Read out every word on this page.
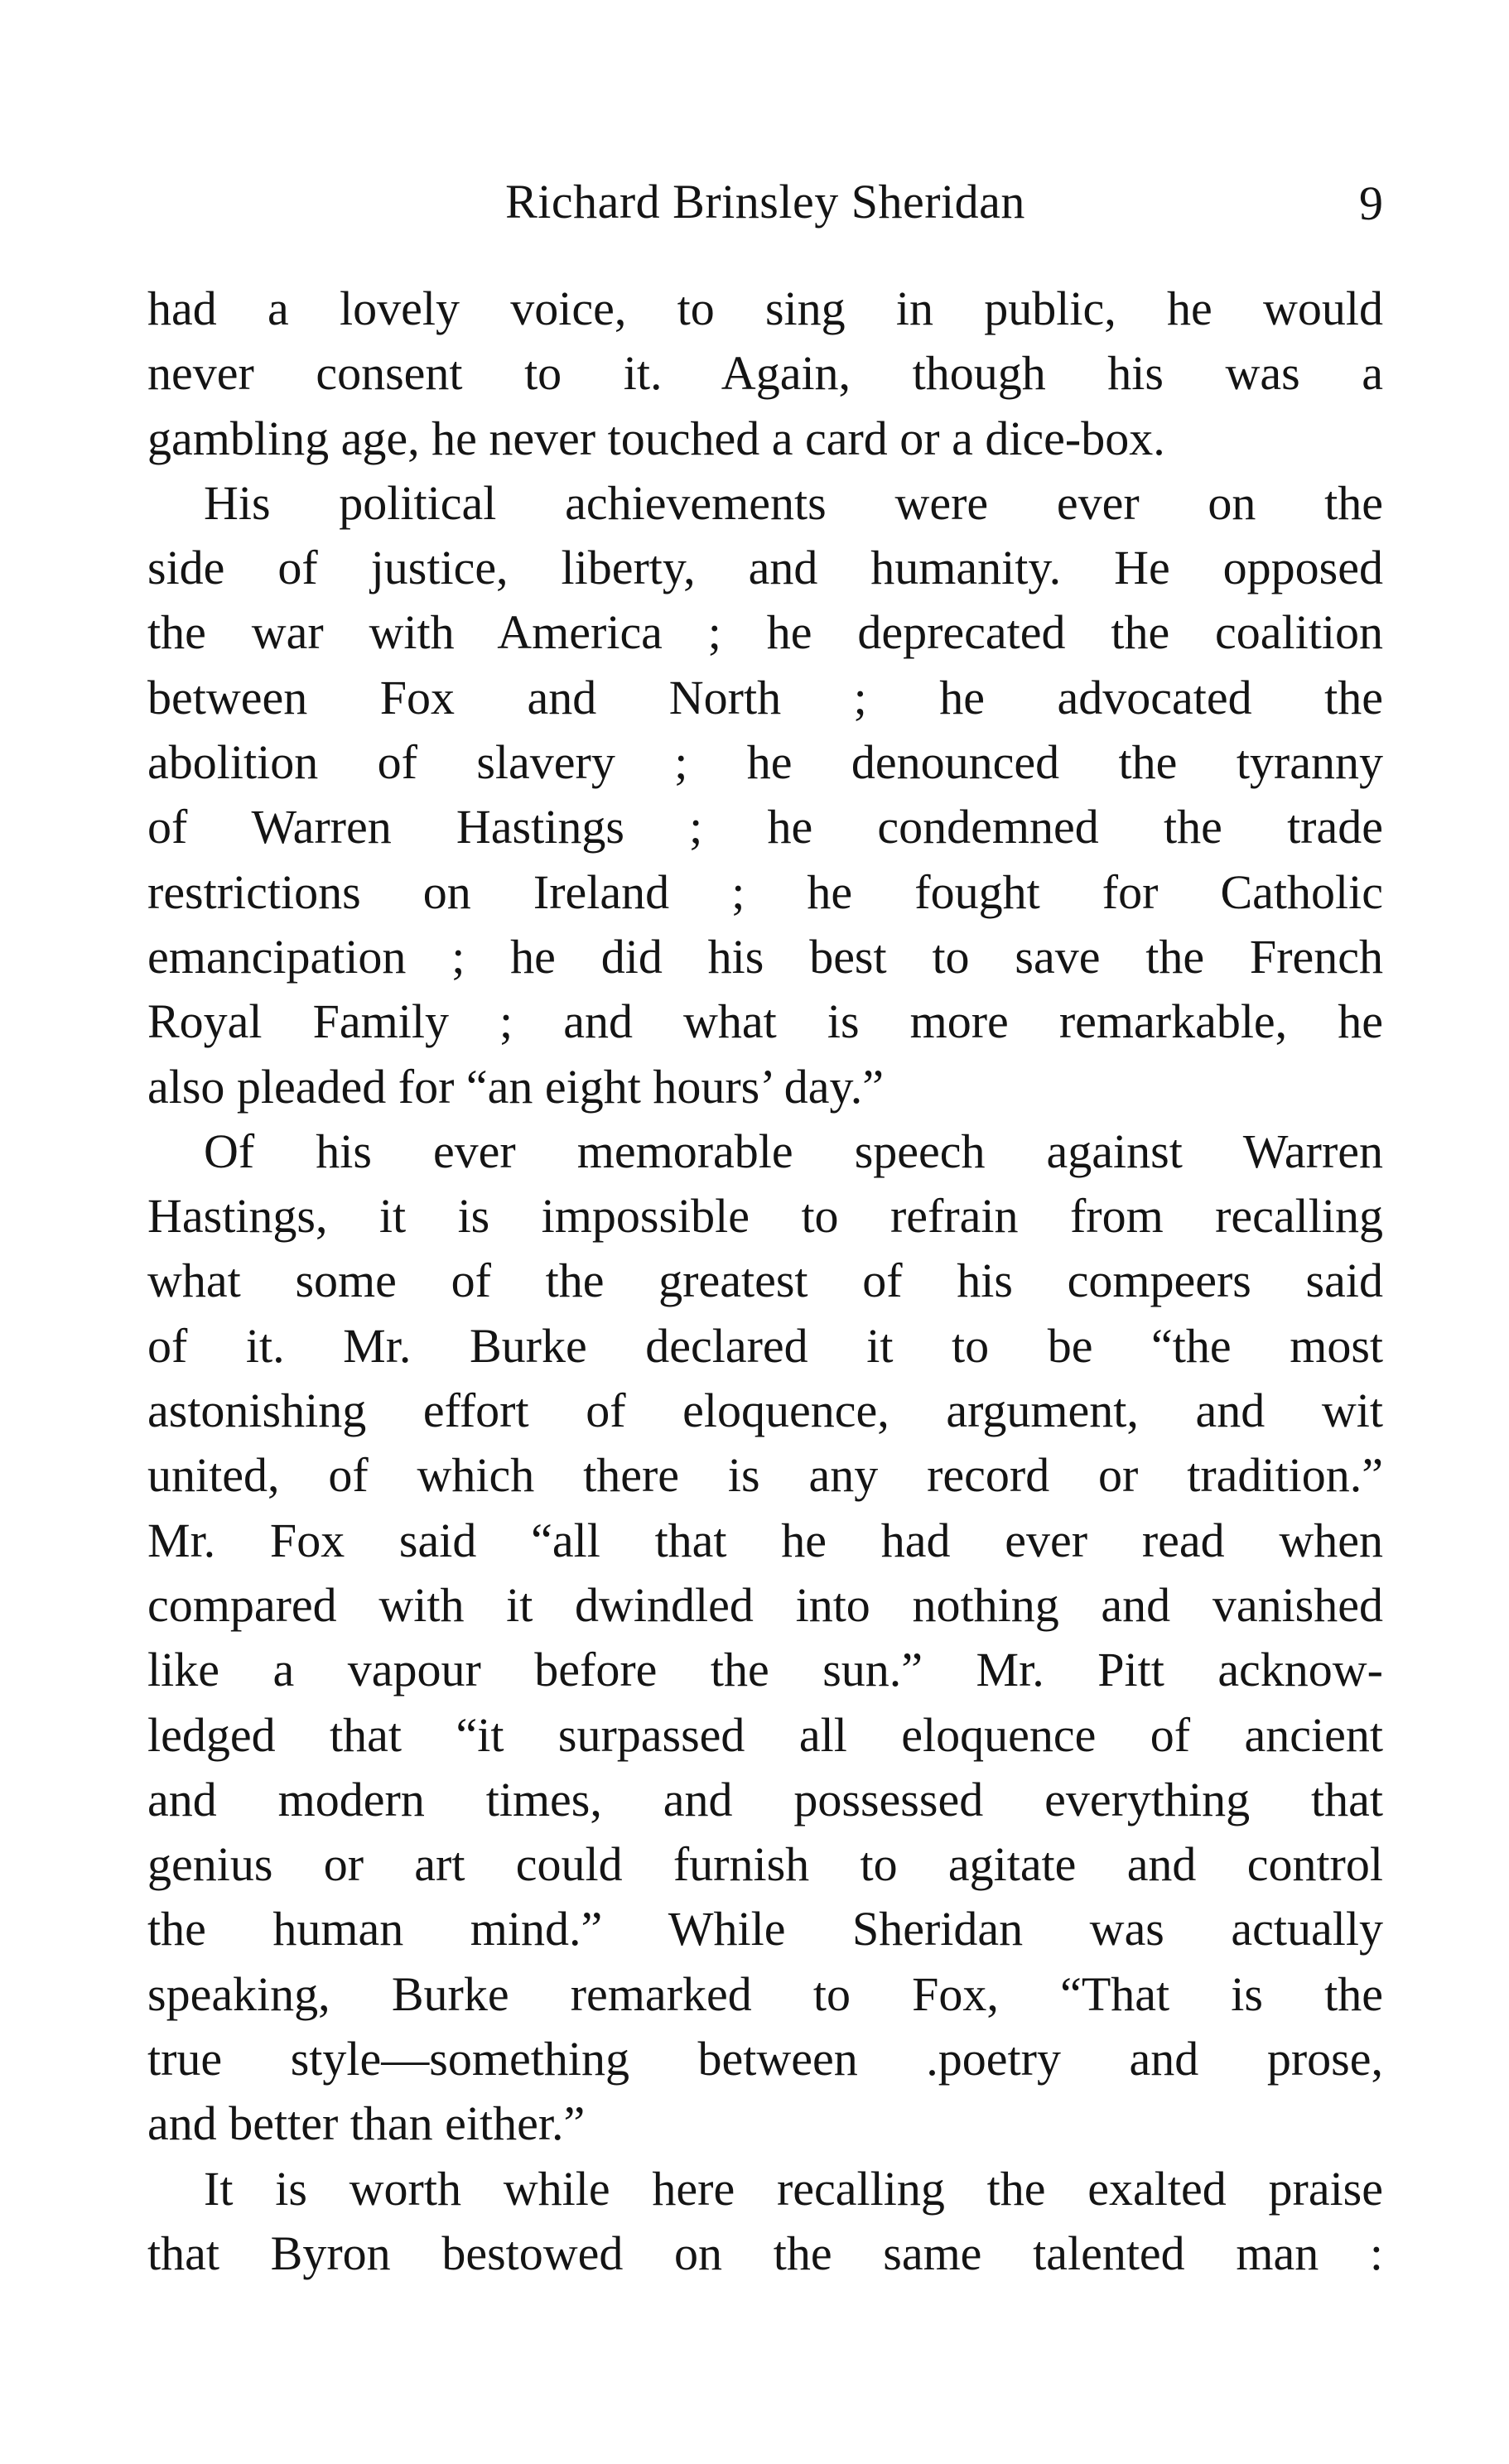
Richard Brinsley Sheridan	9
had a lovely voice, to sing in public, he would
never consent to it. Again, though his was a
gambling age, he never touched a card or a dice-box.
His political achievements were ever on the
side of justice, liberty, and humanity. He opposed
the war with America ; he deprecated the coalition
between Fox and North ; he advocated the
abolition of slavery ; he denounced the tyranny
of Warren Hastings ; he condemned the trade
restrictions on Ireland ; he fought for Catholic
emancipation ; he did his best to save the French
Royal Family ; and what is more remarkable, he
also pleaded for “an eight hours’ day.”
Of his ever memorable speech against Warren
Hastings, it is impossible to refrain from recalling
what some of the greatest of his compeers said
of it. Mr. Burke declared it to be “the most
astonishing effort of eloquence, argument, and wit
united, of which there is any record or tradition.”
Mr. Fox said “all that he had ever read when
compared with it dwindled into nothing and vanished
like a vapour before the sun.” Mr. Pitt acknow-
ledged that “it surpassed all eloquence of ancient
and modern times, and possessed everything that
genius or art could furnish to agitate and control
the human mind.” While Sheridan was actually
speaking, Burke remarked to Fox, “That is the
true style—something between .poetry and prose,
and better than either.”
It is worth while here recalling the exalted praise
that Byron bestowed on the same talented man :
